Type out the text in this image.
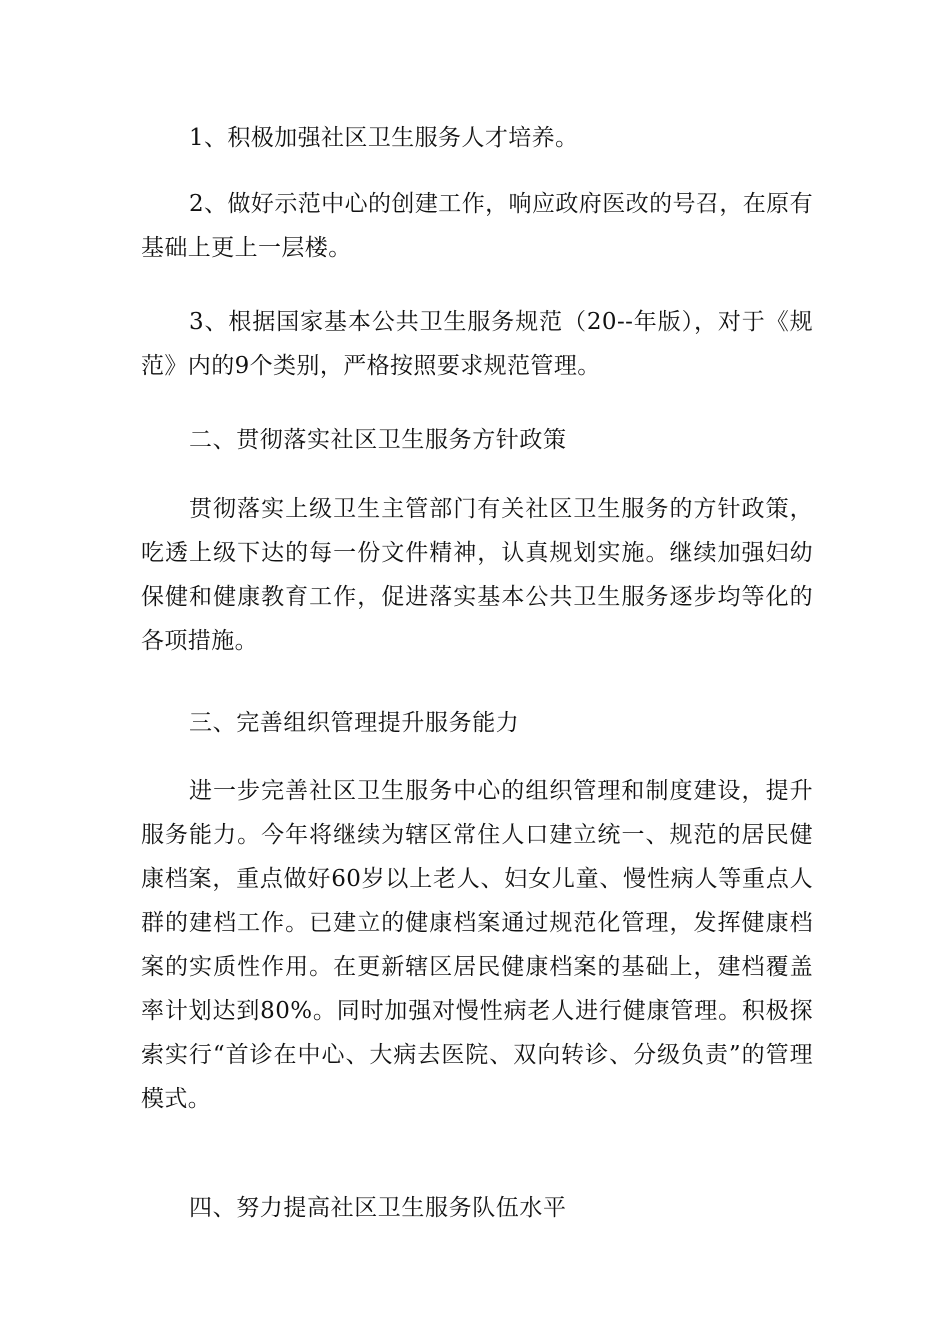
1、积极加强社区卫生服务人才培养。

2、做好示范中心的创建工作，响应政府医改的号召，在原有基础上更上一层楼。

3、根据国家基本公共卫生服务规范（20--年版），对于《规范》内的9个类别，严格按照要求规范管理。

二、贯彻落实社区卫生服务方针政策

贯彻落实上级卫生主管部门有关社区卫生服务的方针政策，吃透上级下达的每一份文件精神，认真规划实施。继续加强妇幼保健和健康教育工作，促进落实基本公共卫生服务逐步均等化的各项措施。

三、完善组织管理提升服务能力

进一步完善社区卫生服务中心的组织管理和制度建设，提升服务能力。今年将继续为辖区常住人口建立统一、规范的居民健康档案，重点做好60岁以上老人、妇女儿童、慢性病人等重点人群的建档工作。已建立的健康档案通过规范化管理，发挥健康档案的实质性作用。在更新辖区居民健康档案的基础上，建档覆盖率计划达到80%。同时加强对慢性病老人进行健康管理。积极探索实行“首诊在中心、大病去医院、双向转诊、分级负责”的管理模式。

四、努力提高社区卫生服务队伍水平
